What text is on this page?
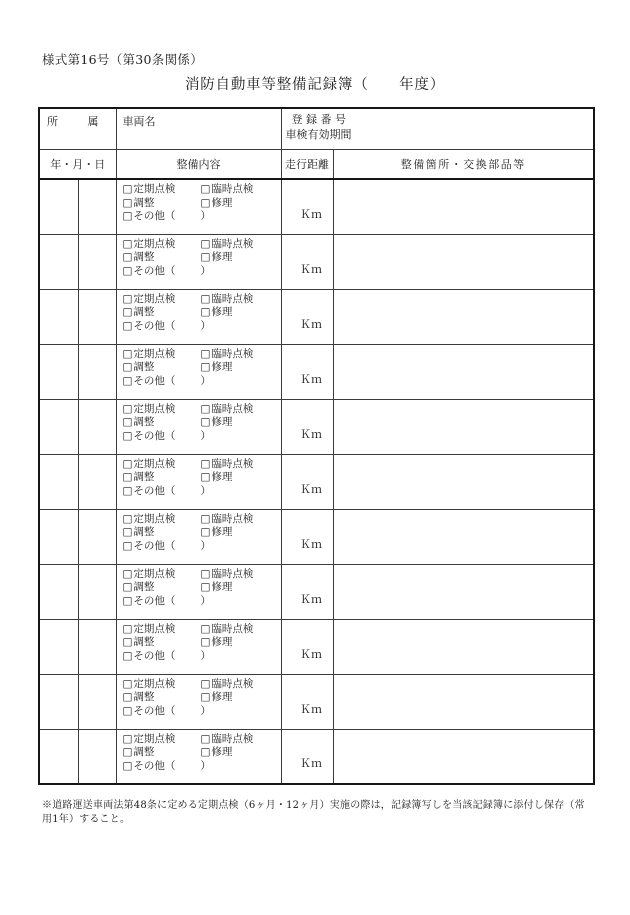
様式第16号（第30条関係）
消防自動車等整備記録簿（　　年度）
所	属	車両名	登 録 番 号
車検有効期間

年・月・日		整備内容	走行距離	整備箇所・交換部品等

□定期点検	□臨時点検
□調整	□修理
□その他（	）	Ｋｍ	

□定期点検	□臨時点検
□調整	□修理
□その他（	）	Ｋｍ	

□定期点検	□臨時点検
□調整	□修理
□その他（	）	Ｋｍ	

□定期点検	□臨時点検
□調整	□修理
□その他（	）	Ｋｍ	

□定期点検	□臨時点検
□調整	□修理
□その他（	）	Ｋｍ	

□定期点検	□臨時点検
□調整	□修理
□その他（	）	Ｋｍ	

□定期点検	□臨時点検
□調整	□修理
□その他（	）	Ｋｍ	

□定期点検	□臨時点検
□調整	□修理
□その他（	）	Ｋｍ	

□定期点検	□臨時点検
□調整	□修理
□その他（	）	Ｋｍ	

□定期点検	□臨時点検
□調整	□修理
□その他（	）	Ｋｍ	

□定期点検	□臨時点検
□調整	□修理
□その他（	）	Ｋｍ	
※道路運送車両法第48条に定める定期点検（6ヶ月・12ヶ月）実施の際は，記録簿写しを当該記録簿に添付し保存（常用1年）すること。
